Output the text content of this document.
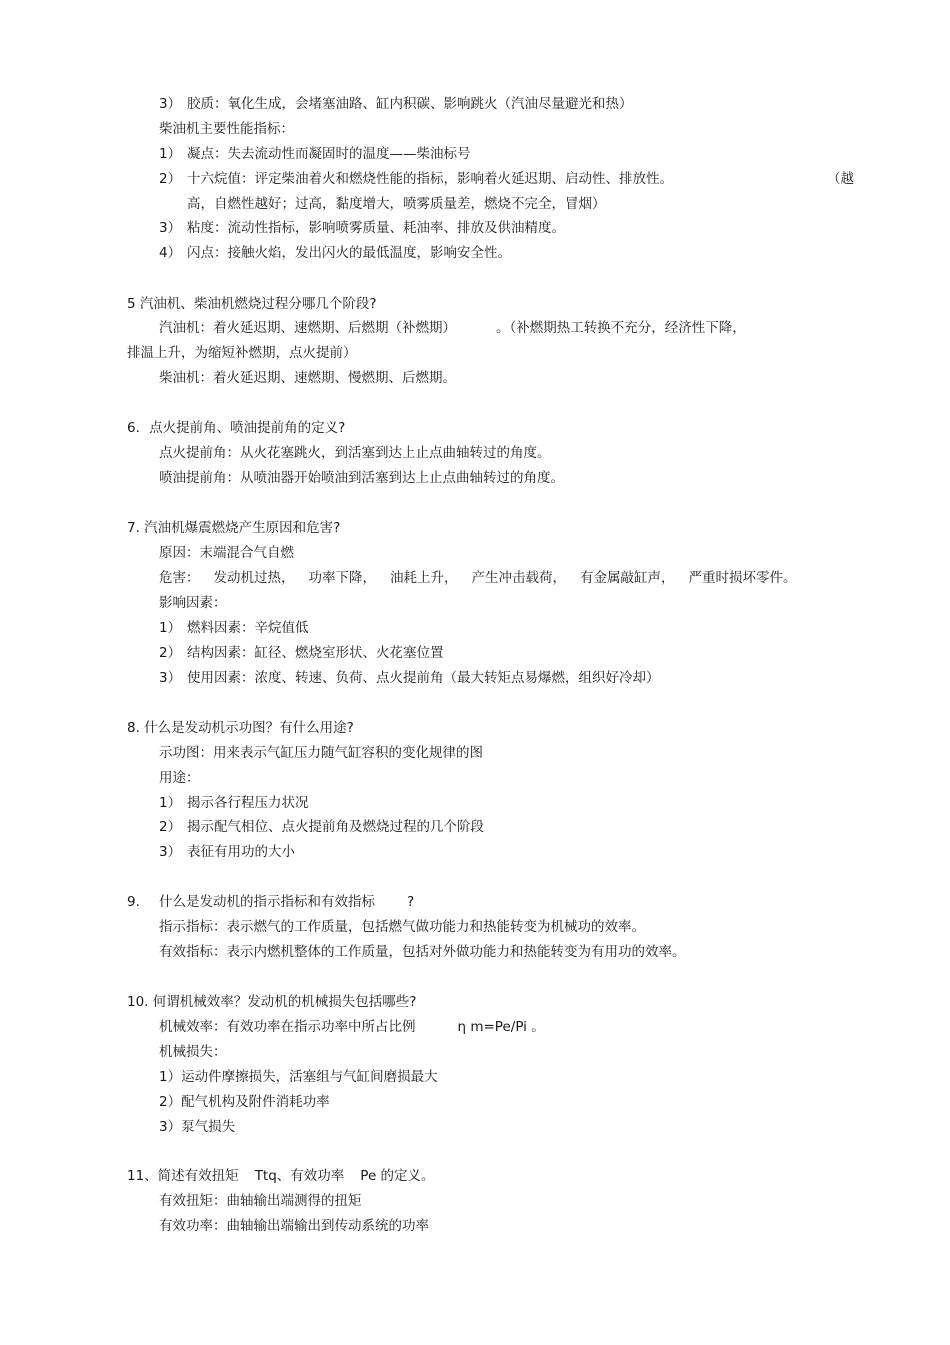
3） 胶质：氧化生成，会堵塞油路、缸内积碳、影响跳火（汽油尽量避光和热）
柴油机主要性能指标：
1） 凝点：失去流动性而凝固时的温度——柴油标号
2） 十六烷值：评定柴油着火和燃烧性能的指标，影响着火延迟期、启动性、排放性。	（越
高，自燃性越好；过高，黏度增大，喷雾质量差，燃烧不完全，冒烟）
3） 粘度：流动性指标，影响喷雾质量、耗油率、排放及供油精度。
4） 闪点：接触火焰，发出闪火的最低温度，影响安全性。
5 汽油机、柴油机燃烧过程分哪几个阶段?
汽油机：着火延迟期、速燃期、后燃期（补燃期）	。（补燃期热工转换不充分，经济性下降，
排温上升，为缩短补燃期，点火提前）
柴油机：着火延迟期、速燃期、慢燃期、后燃期。
6．点火提前角、喷油提前角的定义?
点火提前角：从火花塞跳火，到活塞到达上止点曲轴转过的角度。
喷油提前角：从喷油器开始喷油到活塞到达上止点曲轴转过的角度。
7. 汽油机爆震燃烧产生原因和危害?
原因：末端混合气自燃
危害： 发动机过热， 功率下降， 油耗上升， 产生冲击载荷， 有金属敲缸声， 严重时损坏零件。
影响因素：
1） 燃料因素：辛烷值低
2） 结构因素：缸径、燃烧室形状、火花塞位置
3） 使用因素：浓度、转速、负荷、点火提前角（最大转矩点易爆燃，组织好冷却）
8. 什么是发动机示功图？有什么用途?
示功图：用来表示气缸压力随气缸容积的变化规律的图
用途：
1） 揭示各行程压力状况
2） 揭示配气相位、点火提前角及燃烧过程的几个阶段
3） 表征有用功的大小
9. 什么是发动机的指示指标和有效指标 ?
指示指标：表示燃气的工作质量，包括燃气做功能力和热能转变为机械功的效率。
有效指标：表示内燃机整体的工作质量，包括对外做功能力和热能转变为有用功的效率。
10. 何谓机械效率？发动机的机械损失包括哪些?
机械效率：有效功率在指示功率中所占比例	η m=Pe/Pi 。
机械损失：
1）运动件摩擦损失，活塞组与气缸间磨损最大
2）配气机构及附件消耗功率
3）泵气损失
11、简述有效扭矩 Ttq、有效功率 Pe 的定义。
有效扭矩：曲轴输出端测得的扭矩
有效功率：曲轴输出端输出到传动系统的功率
